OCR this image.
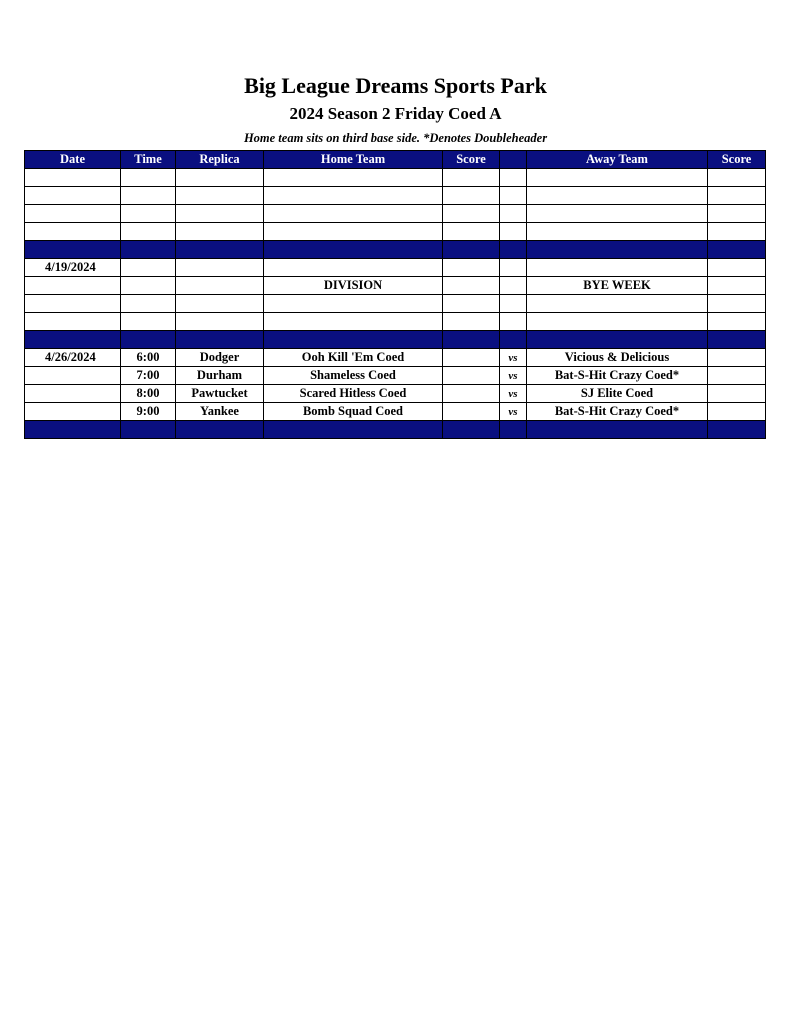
Big League Dreams Sports Park
2024 Season 2 Friday Coed A
Home team sits on third base side. *Denotes Doubleheader
Date	Time	Replica	Home Team	Score		Away Team	Score

4/19/2024							
			DIVISION			BYE WEEK	

4/26/2024	6:00	Dodger	Ooh Kill 'Em Coed		vs	Vicious & Delicious	
	7:00	Durham	Shameless Coed		vs	Bat-S-Hit Crazy Coed*	
	8:00	Pawtucket	Scared Hitless Coed		vs	SJ Elite Coed	
	9:00	Yankee	Bomb Squad Coed		vs	Bat-S-Hit Crazy Coed*	
